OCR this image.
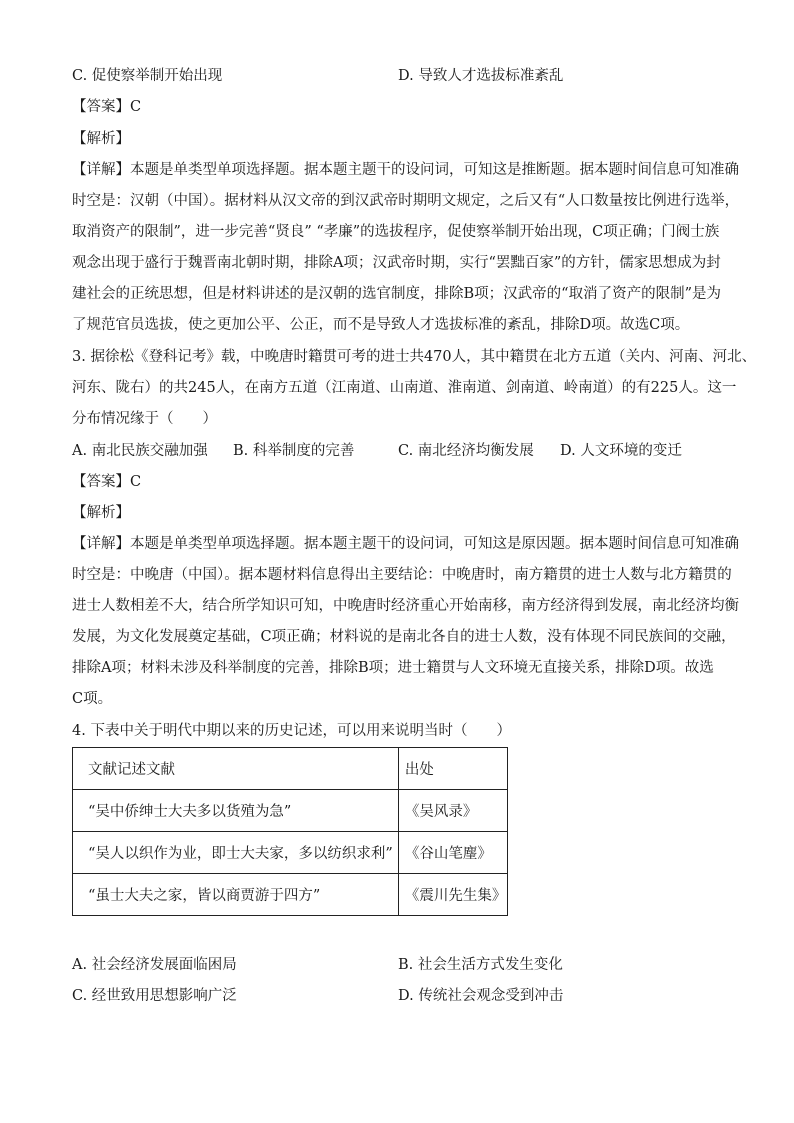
C. 促使察举制开始出现	D. 导致人才选拔标准紊乱
【答案】C
【解析】
【详解】本题是单类型单项选择题。据本题主题干的设问词，可知这是推断题。据本题时间信息可知准确
时空是：汉朝（中国）。据材料从汉文帝的到汉武帝时期明文规定，之后又有“人口数量按比例进行选举，
取消资产的限制”，进一步完善“贤良” “孝廉”的选拔程序，促使察举制开始出现，C项正确；门阀士族
观念出现于盛行于魏晋南北朝时期，排除A项；汉武帝时期，实行“罢黜百家”的方针，儒家思想成为封
建社会的正统思想，但是材料讲述的是汉朝的选官制度，排除B项；汉武帝的“取消了资产的限制”是为
了规范官员选拔，使之更加公平、公正，而不是导致人才选拔标准的紊乱，排除D项。故选C项。
3. 据徐松《登科记考》载，中晚唐时籍贯可考的进士共470人，其中籍贯在北方五道（关内、河南、河北、
河东、陇右）的共245人，在南方五道（江南道、山南道、淮南道、剑南道、岭南道）的有225人。这一
分布情况缘于（　　）
A. 南北民族交融加强 B. 科举制度的完善	C. 南北经济均衡发展 D. 人文环境的变迁
【答案】C
【解析】
【详解】本题是单类型单项选择题。据本题主题干的设问词，可知这是原因题。据本题时间信息可知准确
时空是：中晚唐（中国）。据本题材料信息得出主要结论：中晚唐时，南方籍贯的进士人数与北方籍贯的
进士人数相差不大，结合所学知识可知，中晚唐时经济重心开始南移，南方经济得到发展，南北经济均衡
发展，为文化发展奠定基础，C项正确；材料说的是南北各自的进士人数，没有体现不同民族间的交融，
排除A项；材料未涉及科举制度的完善，排除B项；进士籍贯与人文环境无直接关系，排除D项。故选
C项。
4. 下表中关于明代中期以来的历史记述，可以用来说明当时（　　）
文献记述文献	出处
“吴中侨绅士大夫多以货殖为急”	《吴风录》
“吴人以织作为业，即士大夫家，多以纺织求利”	《谷山笔麈》
“虽士大夫之家，皆以商贾游于四方”	《震川先生集》
A. 社会经济发展面临困局	B. 社会生活方式发生变化
C. 经世致用思想影响广泛	D. 传统社会观念受到冲击
